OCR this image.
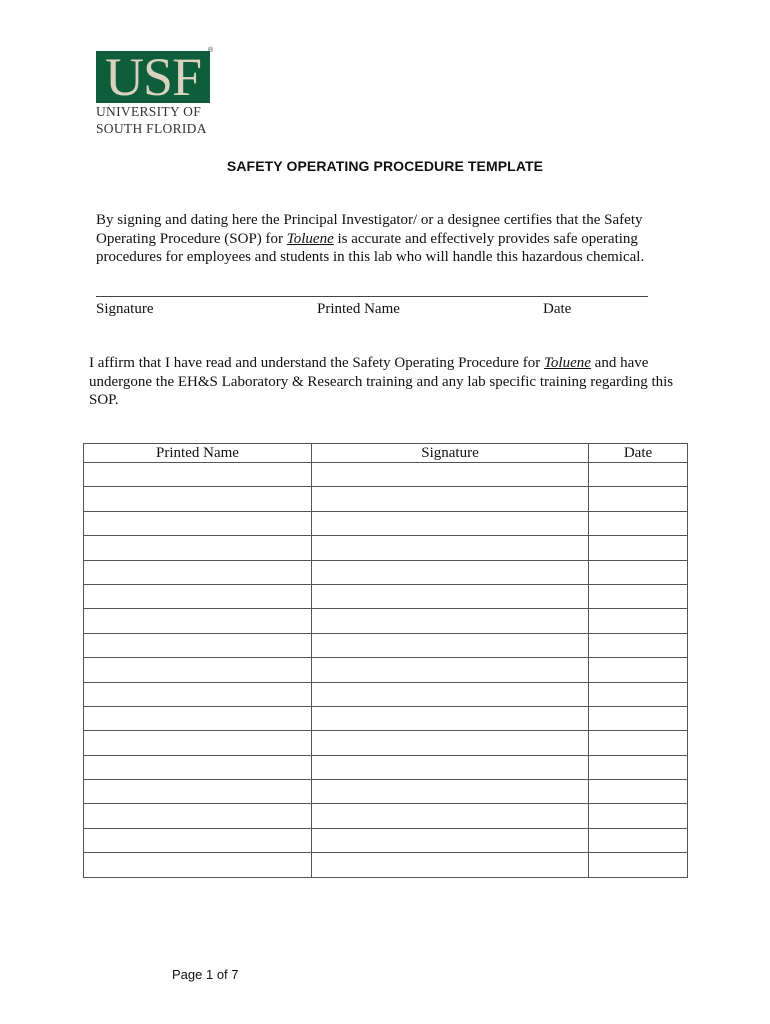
USF ®
UNIVERSITY OF
SOUTH FLORIDA
SAFETY OPERATING PROCEDURE TEMPLATE
By signing and dating here the Principal Investigator/ or a designee certifies that the Safety
Operating Procedure (SOP) for Toluene is accurate and effectively provides safe operating
procedures for employees and students in this lab who will handle this hazardous chemical.
Signature	Printed Name	Date
I affirm that I have read and understand the Safety Operating Procedure for Toluene and have
undergone the EH&S Laboratory & Research training and any lab specific training regarding this
SOP.
Printed Name	Signature	Date

Page 1 of 7
